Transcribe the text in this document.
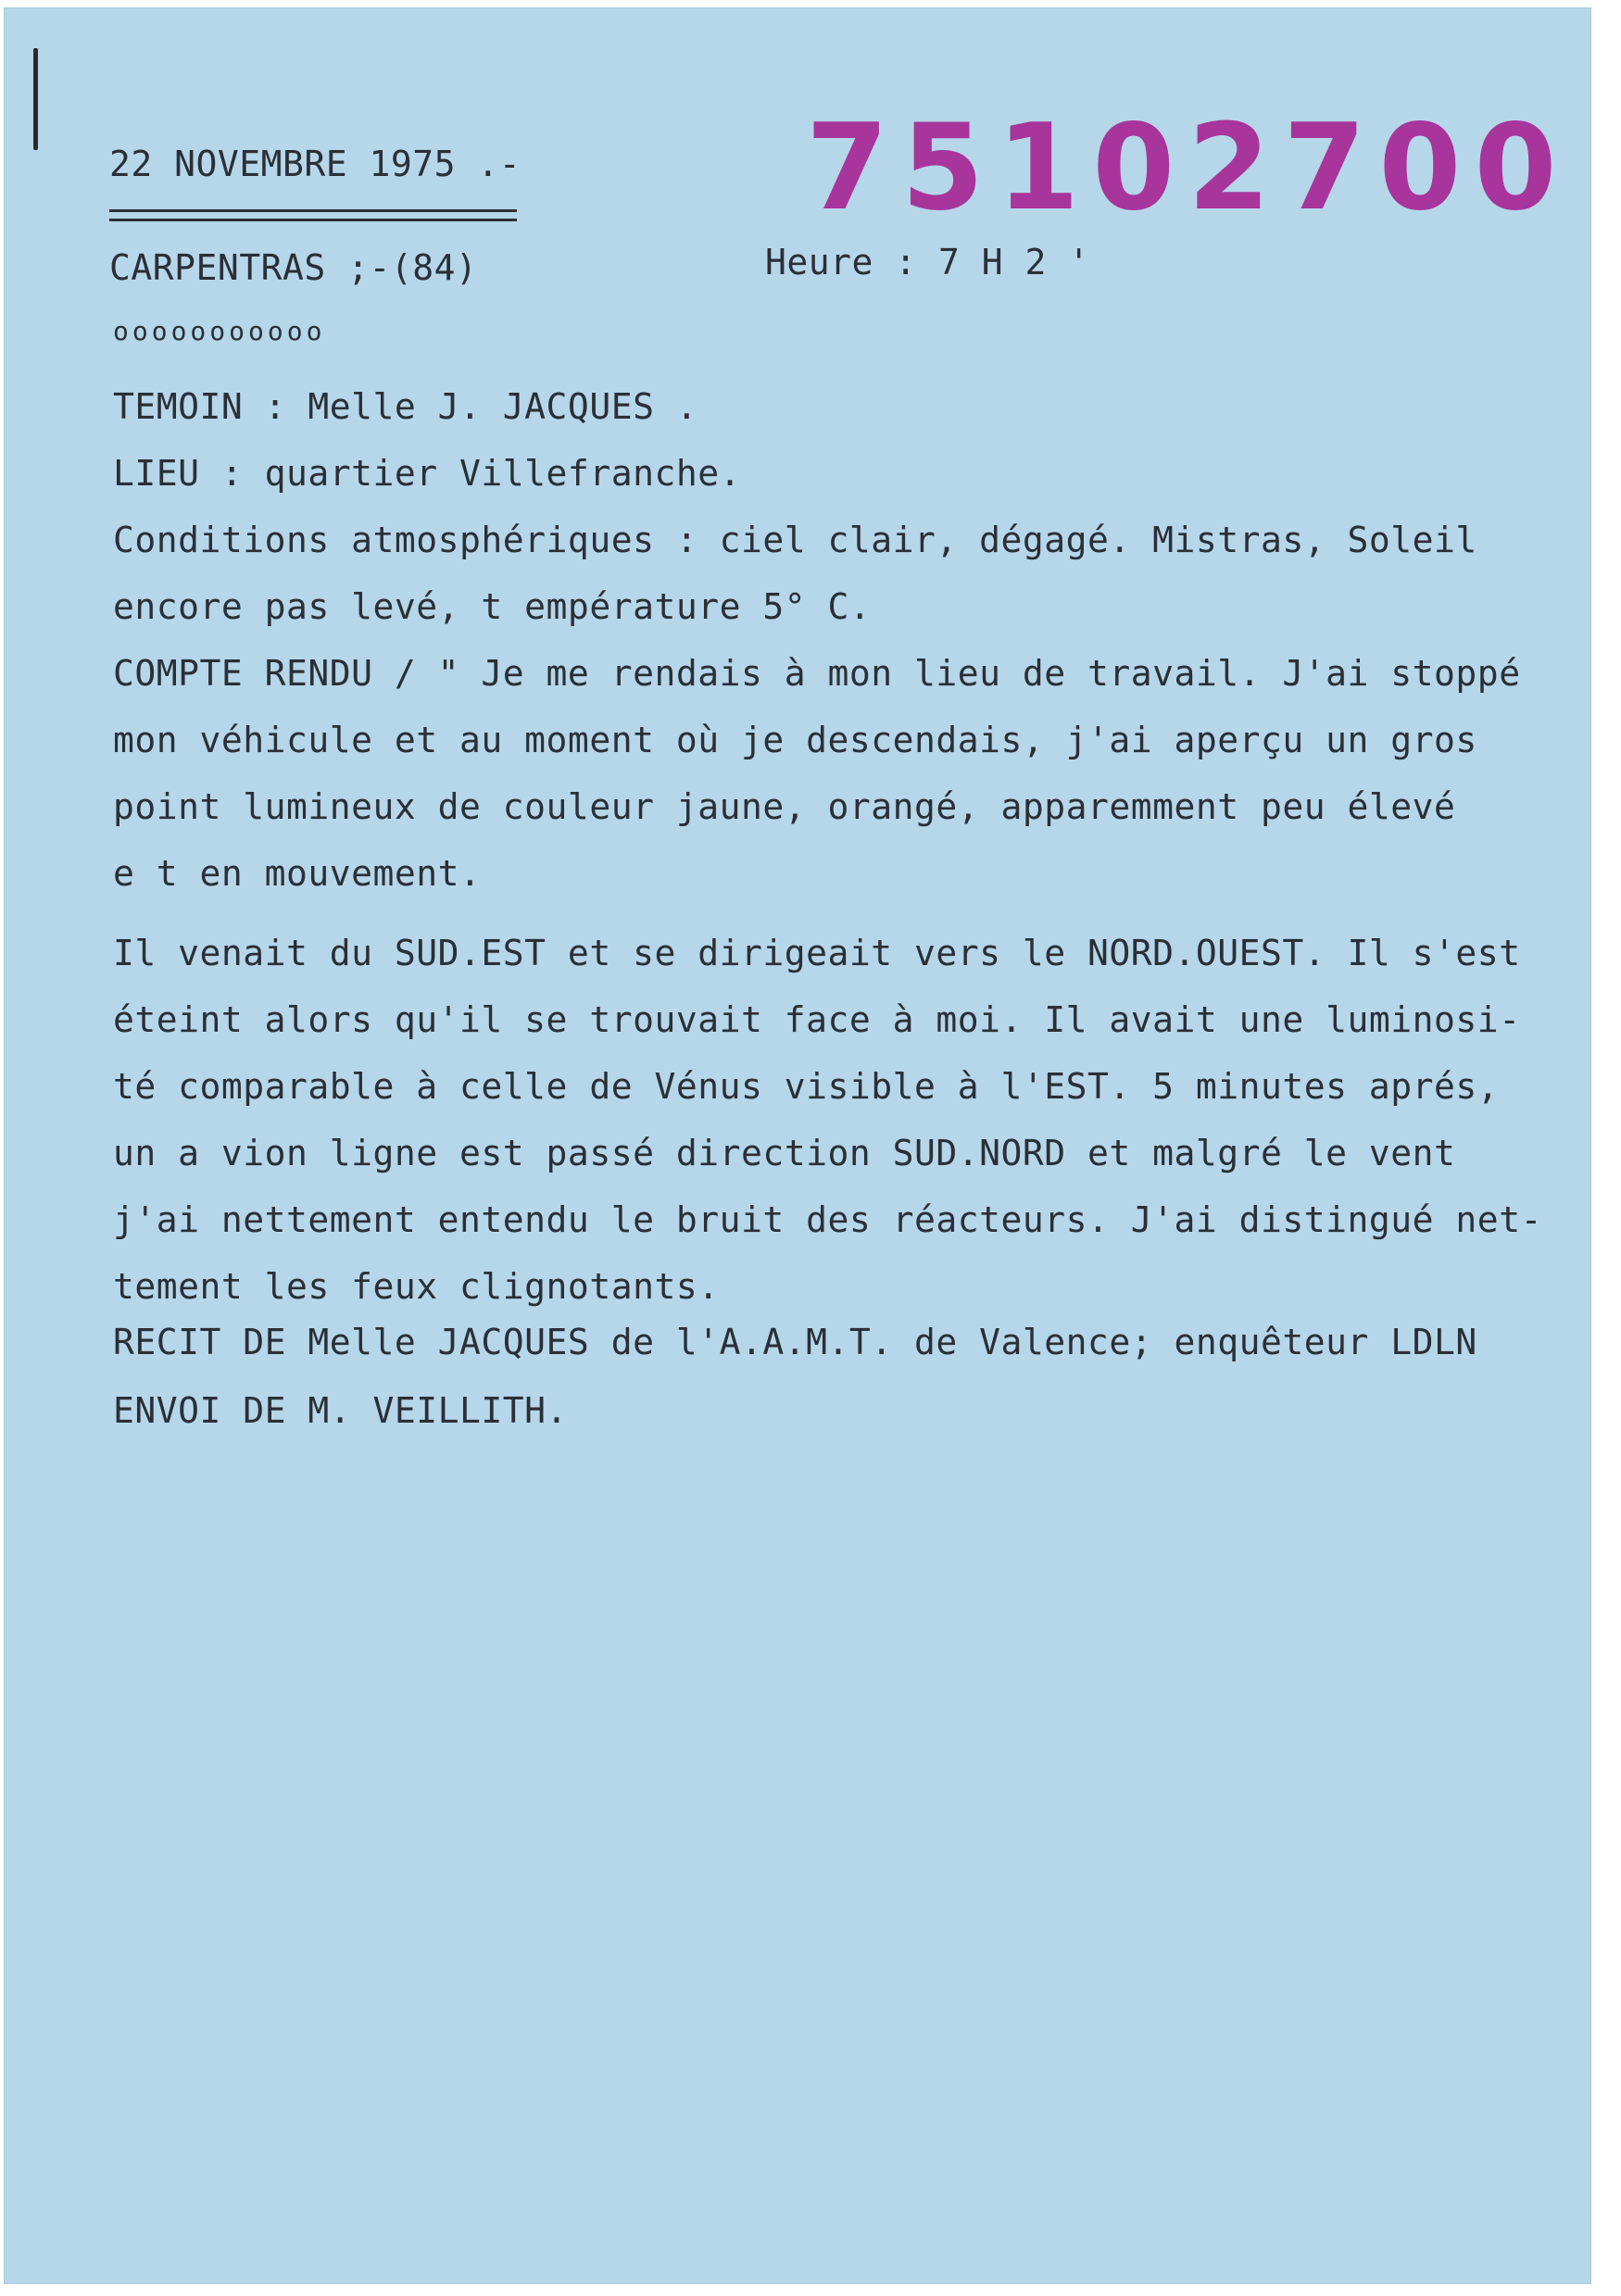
22 NOVEMBRE 1975 .- 75102700
Heure : 7 H 2 '
CARPENTRAS ;-(84)
ooooooooooo
TEMOIN : Melle J. JACQUES .
LIEU : quartier Villefranche.
Conditions atmosphériques : ciel clair, dégagé. Mistras, Soleil
encore pas levé, t empérature 5° C.
COMPTE RENDU / " Je me rendais à mon lieu de travail. J'ai stoppé
mon véhicule et au moment où je descendais, j'ai aperçu un gros
point lumineux de couleur jaune, orangé, apparemment peu élevé
e t en mouvement.
Il venait du SUD.EST et se dirigeait vers le NORD.OUEST. Il s'est
éteint alors qu'il se trouvait face à moi. Il avait une luminosi-
té comparable à celle de Vénus visible à l'EST. 5 minutes aprés,
un a vion ligne est passé direction SUD.NORD et malgré le vent
j'ai nettement entendu le bruit des réacteurs. J'ai distingué net-
tement les feux clignotants.
RECIT DE Melle JACQUES de l'A.A.M.T. de Valence; enquêteur LDLN
ENVOI DE M. VEILLITH.
